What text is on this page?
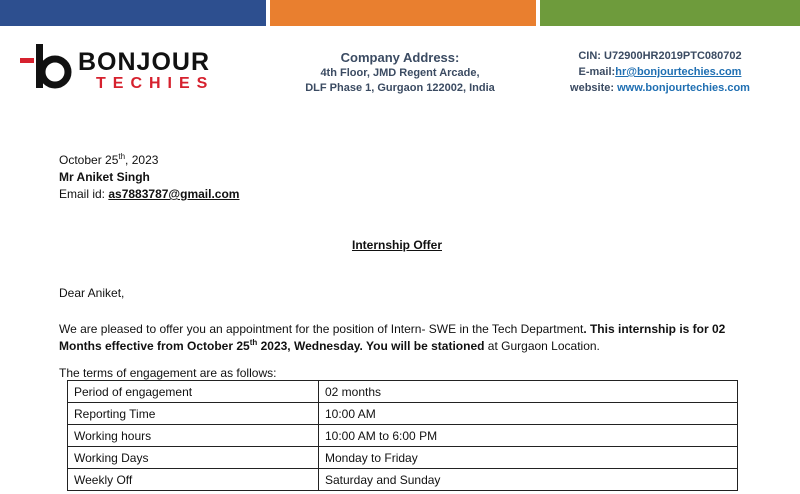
BONJOUR
TECHIES
Company Address:
4th Floor, JMD Regent Arcade,
DLF Phase 1, Gurgaon 122002, India
CIN: U72900HR2019PTC080702
E-mail:hr@bonjourtechies.com
website: www.bonjourtechies.com

October 25th, 2023

Mr Aniket Singh

Email id: as7883787@gmail.com

Internship Offer
Dear Aniket,
We are pleased to offer you an appointment for the position of Intern- SWE in the Tech Department. This internship is for 02 Months effective from October 25th 2023, Wednesday. You will be stationed at Gurgaon Location.
The terms of engagement are as follows:
Period of engagement	02 months
Reporting Time	10:00 AM
Working hours	10:00 AM to 6:00 PM
Working Days	Monday to Friday
Weekly Off	Saturday and Sunday
